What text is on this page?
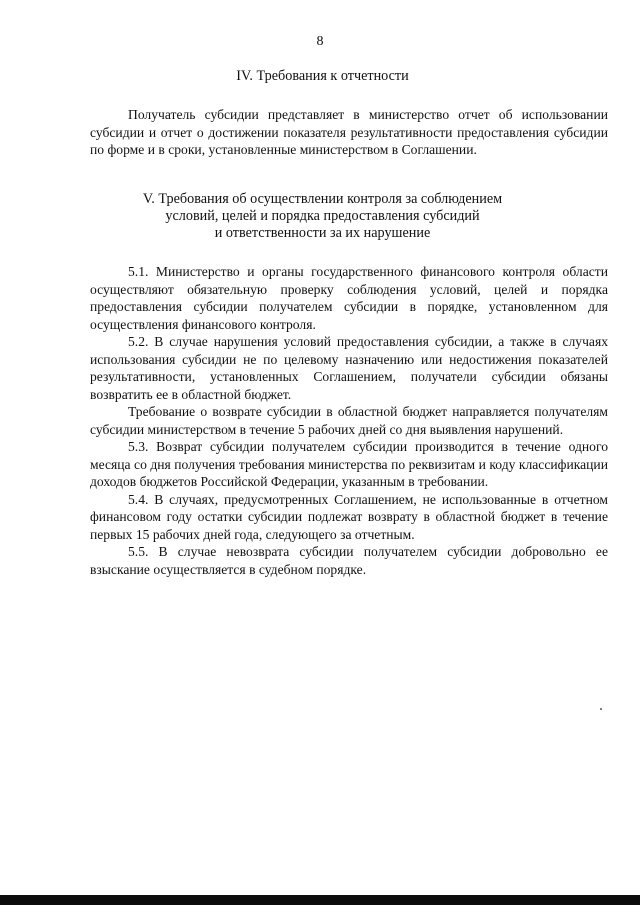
8
IV. Требования к отчетности

Получатель субсидии представляет в министерство отчет об использовании субсидии и отчет о достижении показателя результативности предоставления субсидии по форме и в сроки, установленные министерством в Соглашении.

V. Требования об осуществлении контроля за соблюдением
условий, целей и порядка предоставления субсидий
и ответственности за их нарушение

5.1. Министерство и органы государственного финансового контроля области осуществляют обязательную проверку соблюдения условий, целей и порядка предоставления субсидии получателем субсидии в порядке, установленном для осуществления финансового контроля.

5.2. В случае нарушения условий предоставления субсидии, а также в случаях использования субсидии не по целевому назначению или недостижения показателей результативности, установленных Соглашением, получатели субсидии обязаны возвратить ее в областной бюджет.

Требование о возврате субсидии в областной бюджет направляется получателям субсидии министерством в течение 5 рабочих дней со дня выявления нарушений.

5.3. Возврат субсидии получателем субсидии производится в течение одного месяца со дня получения требования министерства по реквизитам и коду классификации доходов бюджетов Российской Федерации, указанным в требовании.

5.4. В случаях, предусмотренных Соглашением, не использованные в отчетном финансовом году остатки субсидии подлежат возврату в областной бюджет в течение первых 15 рабочих дней года, следующего за отчетным.

5.5. В случае невозврата субсидии получателем субсидии добровольно ее взыскание осуществляется в судебном порядке.
